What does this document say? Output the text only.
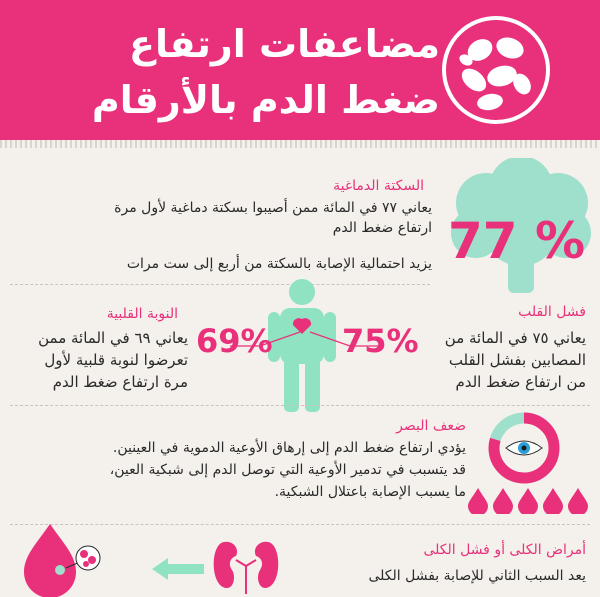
مضاعفات ارتفاع
ضغط الدم بالأرقام
77 %
السكتة الدماغية
يعاني ٧٧ في المائة ممن أصيبوا بسكتة دماغية لأول مرة
ارتفاع ضغط الدم
يزيد احتمالية الإصابة بالسكتة من أربع إلى ست مرات
69% 75%
النوبة القلبية
يعاني ٦٩ في المائة ممن
تعرضوا لنوبة قلبية لأول
مرة ارتفاع ضغط الدم
فشل القلب
يعاني ٧٥ في المائة من
المصابين بفشل القلب
من ارتفاع ضغط الدم
ضعف البصر
يؤدي ارتفاع ضغط الدم إلى إرهاق الأوعية الدموية في العينين.
قد يتسبب في تدمير الأوعية التي توصل الدم إلى شبكية العين،
ما يسبب الإصابة باعتلال الشبكية.
أمراض الكلى أو فشل الكلى
يعد السبب الثاني للإصابة بفشل الكلى
